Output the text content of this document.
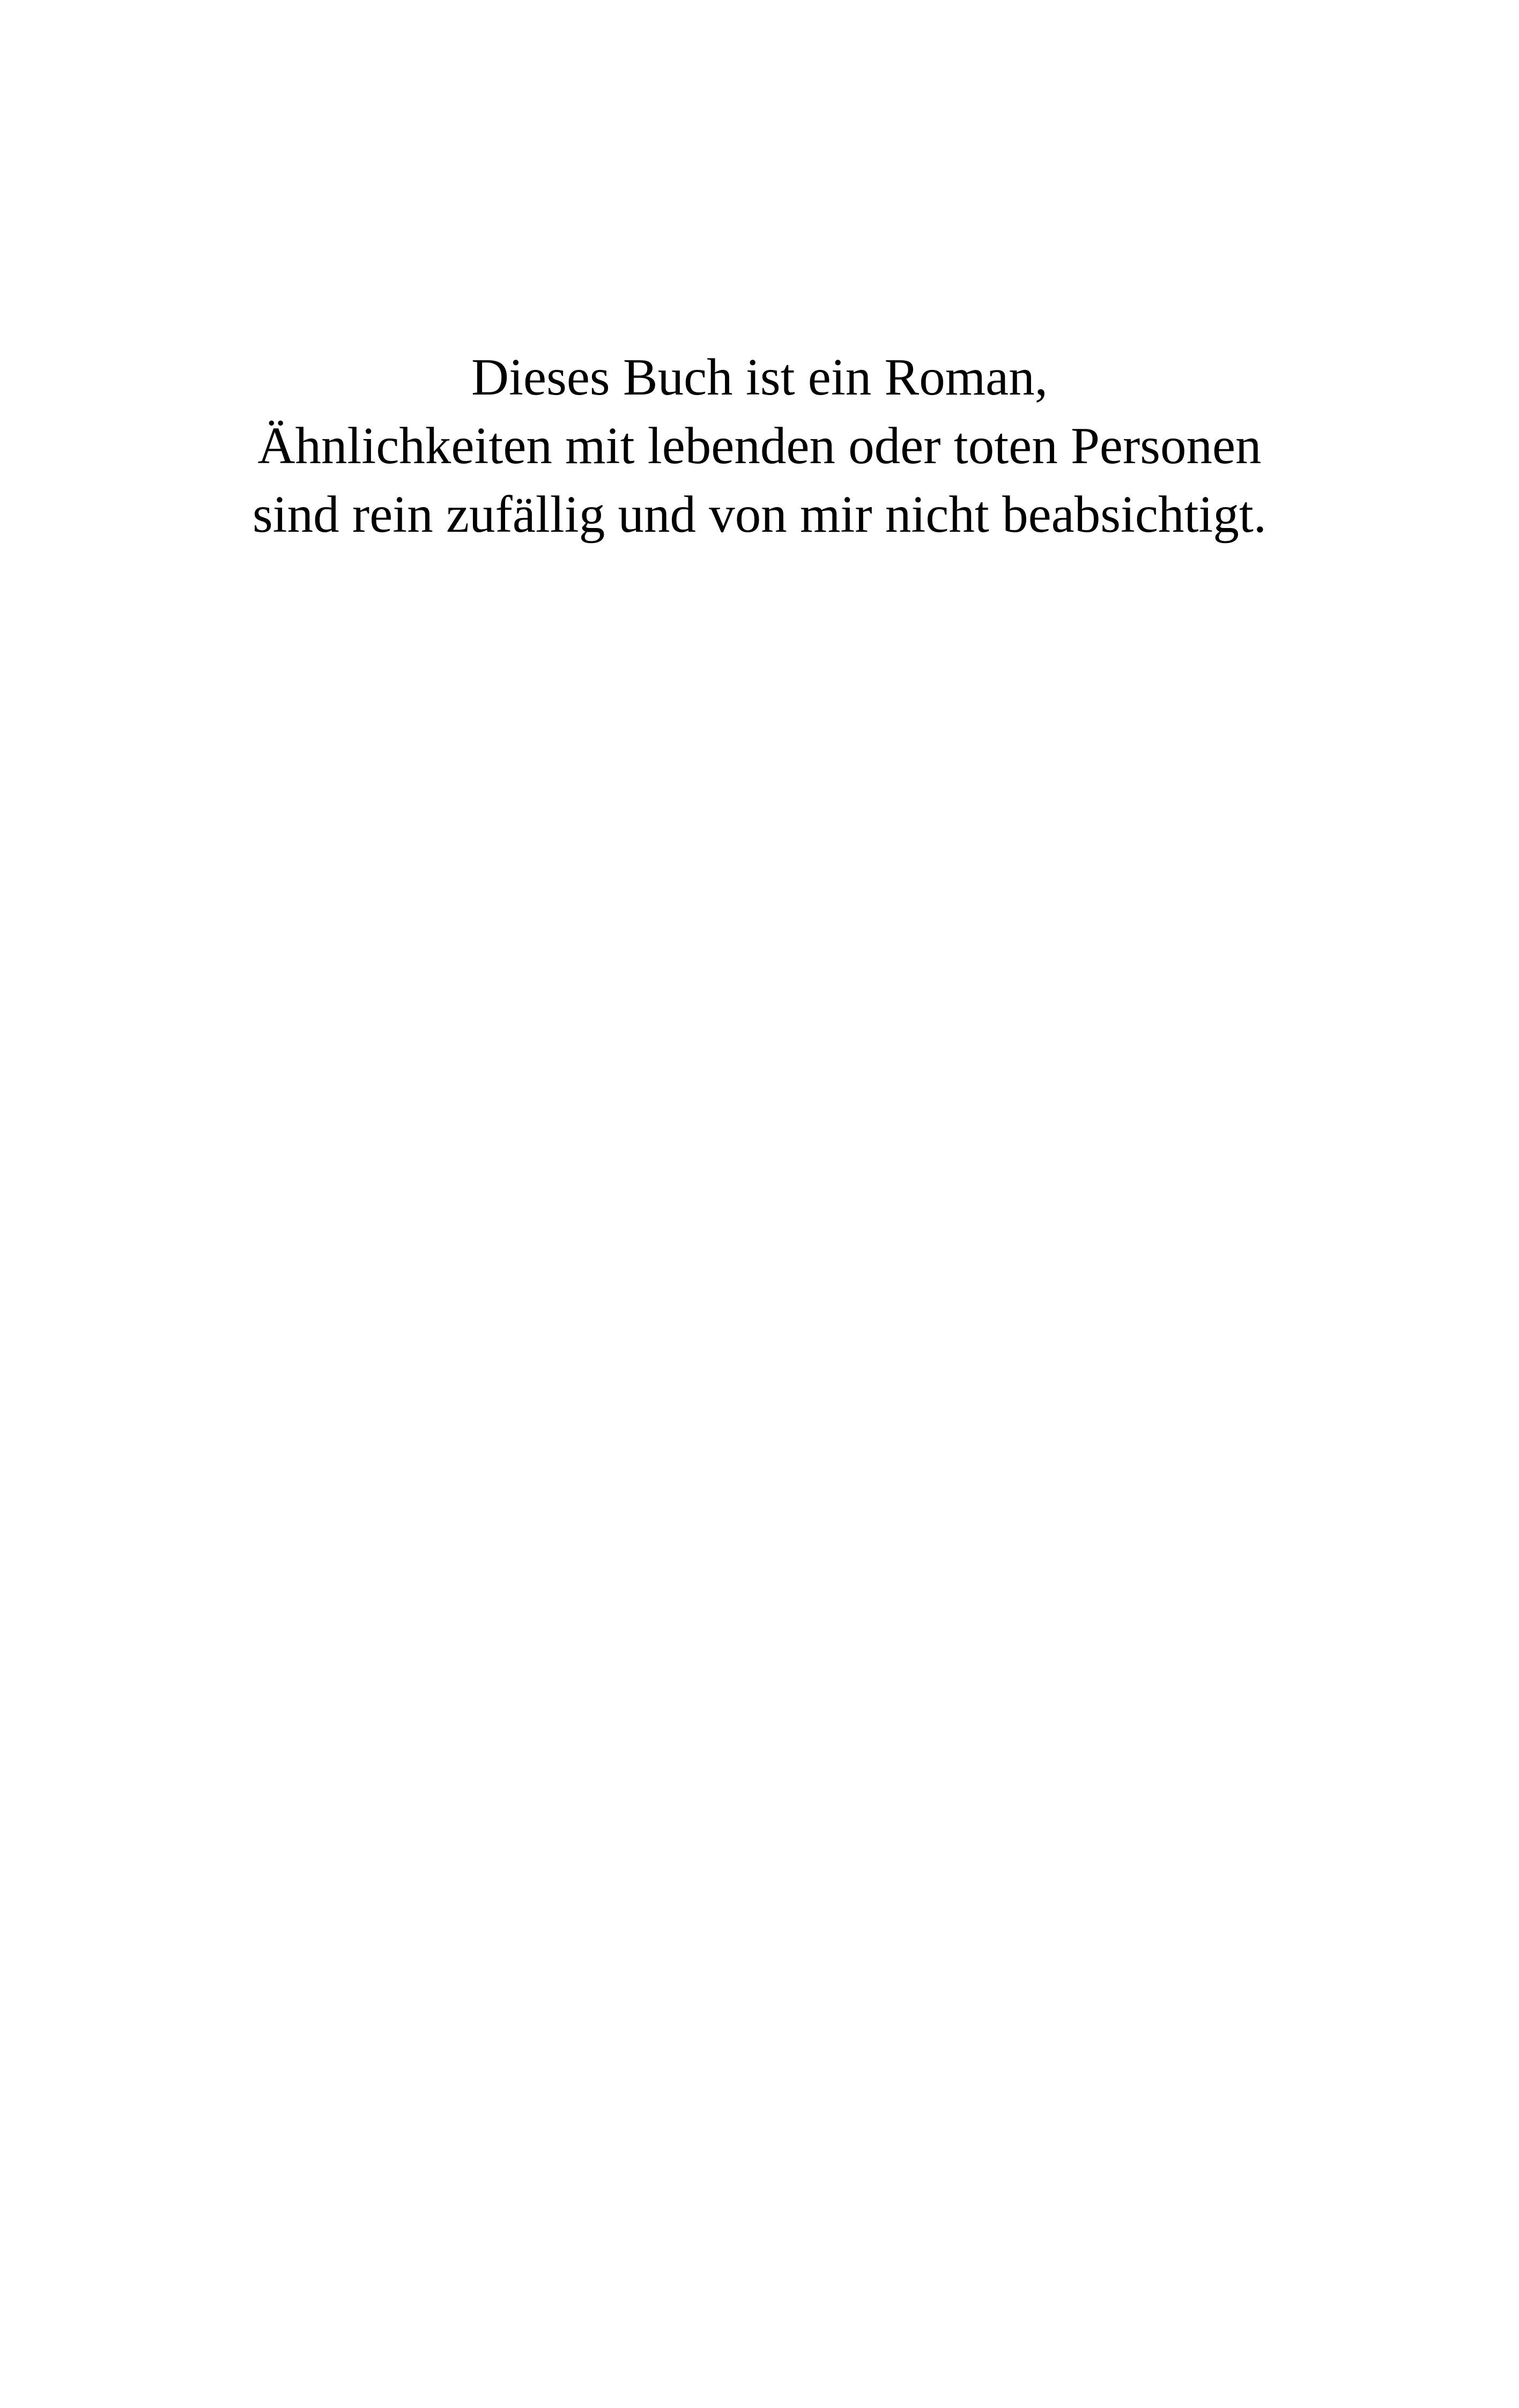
Dieses Buch ist ein Roman,
Ähnlichkeiten mit lebenden oder toten Personen
sind rein zufällig und von mir nicht beabsichtigt.
